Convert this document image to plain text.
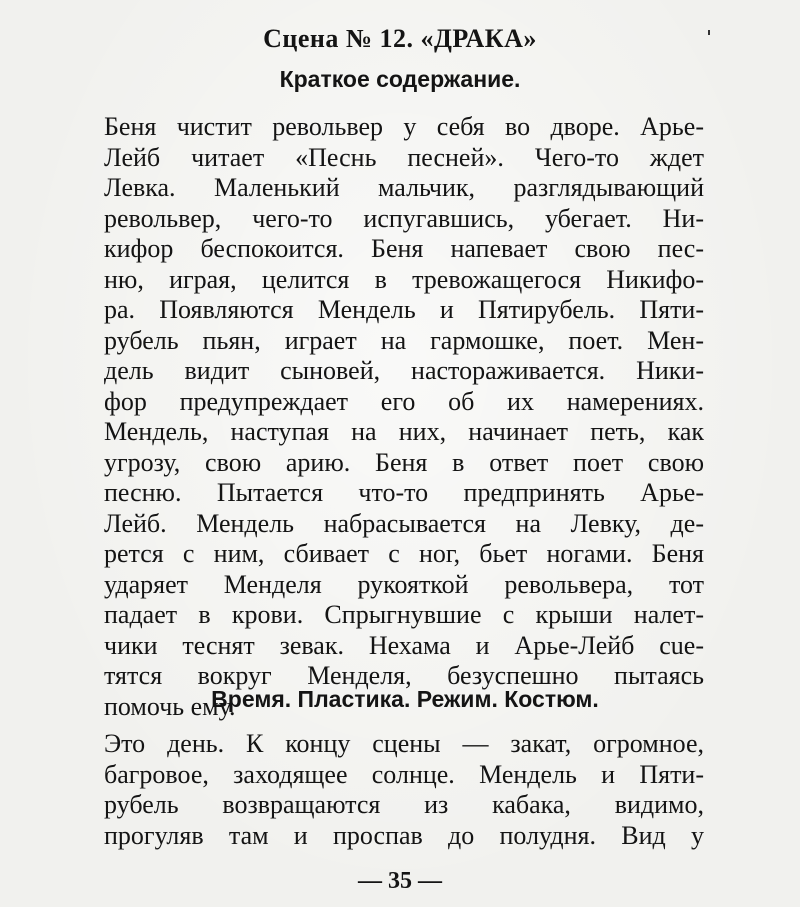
Сцена № 12. «ДРАКА»
Краткое содержание.
Беня чистит револьвер у себя во дворе. Арье-
Лейб читает «Песнь песней». Чего-то ждет
Левка. Маленький мальчик, разглядывающий
револьвер, чего-то испугавшись, убегает. Ни-
кифор беспокоится. Беня напевает свою пес-
ню, играя, целится в тревожащегося Никифо-
ра. Появляются Мендель и Пятирубель. Пяти-
рубель пьян, играет на гармошке, поет. Мен-
дель видит сыновей, настораживается. Ники-
фор предупреждает его об их намерениях.
Мендель, наступая на них, начинает петь, как
угрозу, свою арию. Беня в ответ поет свою
песню. Пытается что-то предпринять Арье-
Лейб. Мендель набрасывается на Левку, де-
рется с ним, сбивает с ног, бьет ногами. Беня
ударяет Менделя рукояткой револьвера, тот
падает в крови. Спрыгнувшие с крыши налет-
чики теснят зевак. Нехама и Арье-Лейб сue-
тятся вокруг Менделя, безуспешно пытаясь
помочь ему.
Время. Пластика. Режим. Костюм.
Это день. К концу сцены — закат, огромное,
багровое, заходящее солнце. Мендель и Пяти-
рубель возвращаются из кабака, видимо,
прогуляв там и проспав до полудня. Вид у
— 35 —
